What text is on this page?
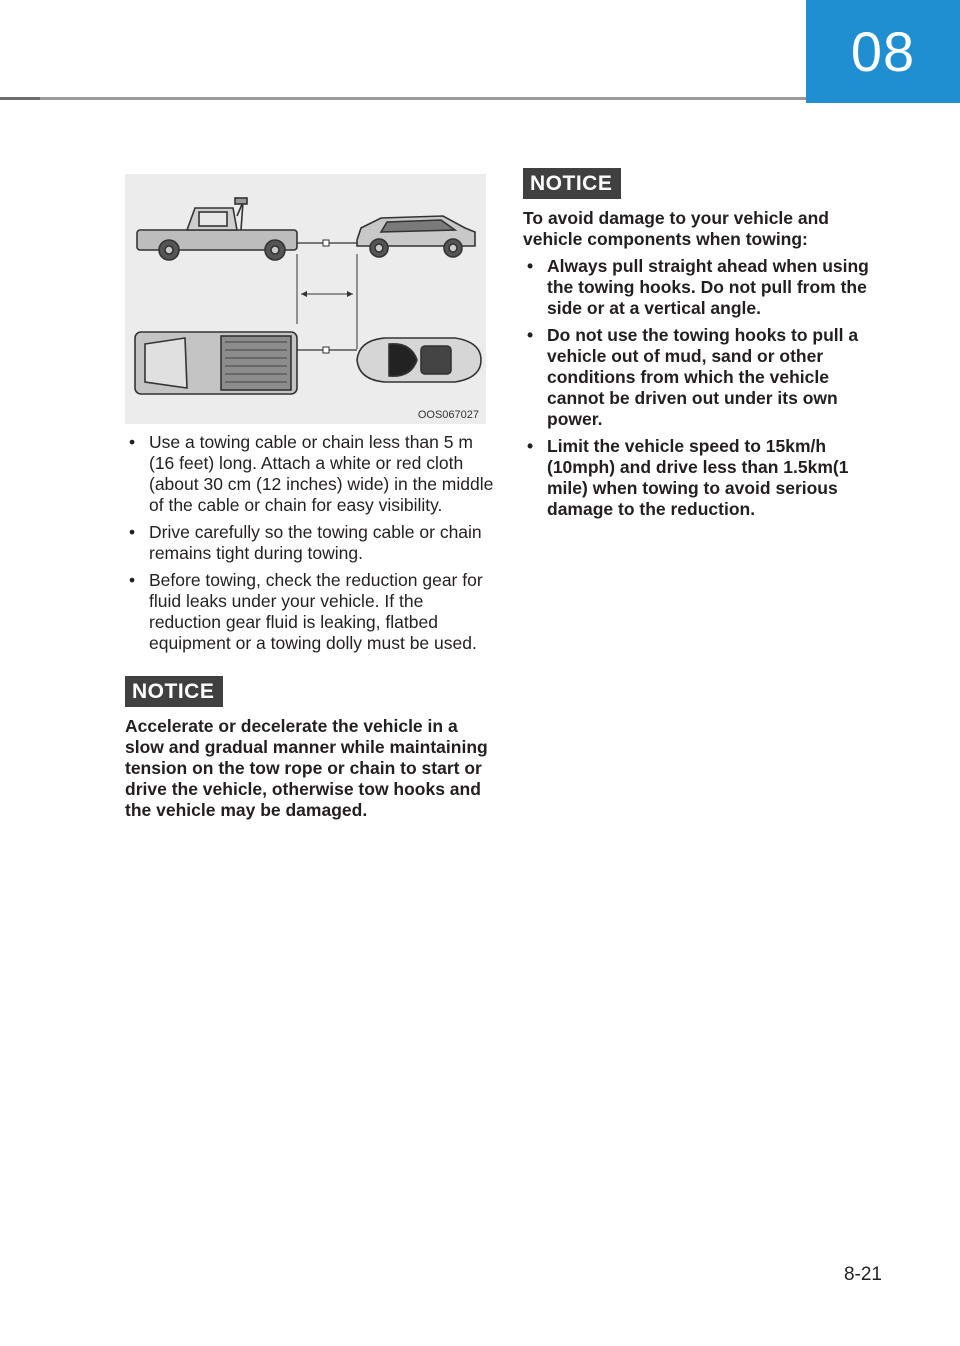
08
OOS067027
• Use a towing cable or chain less than 5 m (16 feet) long. Attach a white or red cloth (about 30 cm (12 inches) wide) in the middle of the cable or chain for easy visibility.
• Drive carefully so the towing cable or chain remains tight during towing.
• Before towing, check the reduction gear for fluid leaks under your vehicle. If the reduction gear fluid is leaking, flatbed equipment or a towing dolly must be used.
NOTICE
Accelerate or decelerate the vehicle in a slow and gradual manner while maintaining tension on the tow rope or chain to start or drive the vehicle, otherwise tow hooks and the vehicle may be damaged.
NOTICE
To avoid damage to your vehicle and vehicle components when towing:
• Always pull straight ahead when using the towing hooks. Do not pull from the side or at a vertical angle.
• Do not use the towing hooks to pull a vehicle out of mud, sand or other conditions from which the vehicle cannot be driven out under its own power.
• Limit the vehicle speed to 15km/h (10mph) and drive less than 1.5km(1 mile) when towing to avoid serious damage to the reduction.
8-21
